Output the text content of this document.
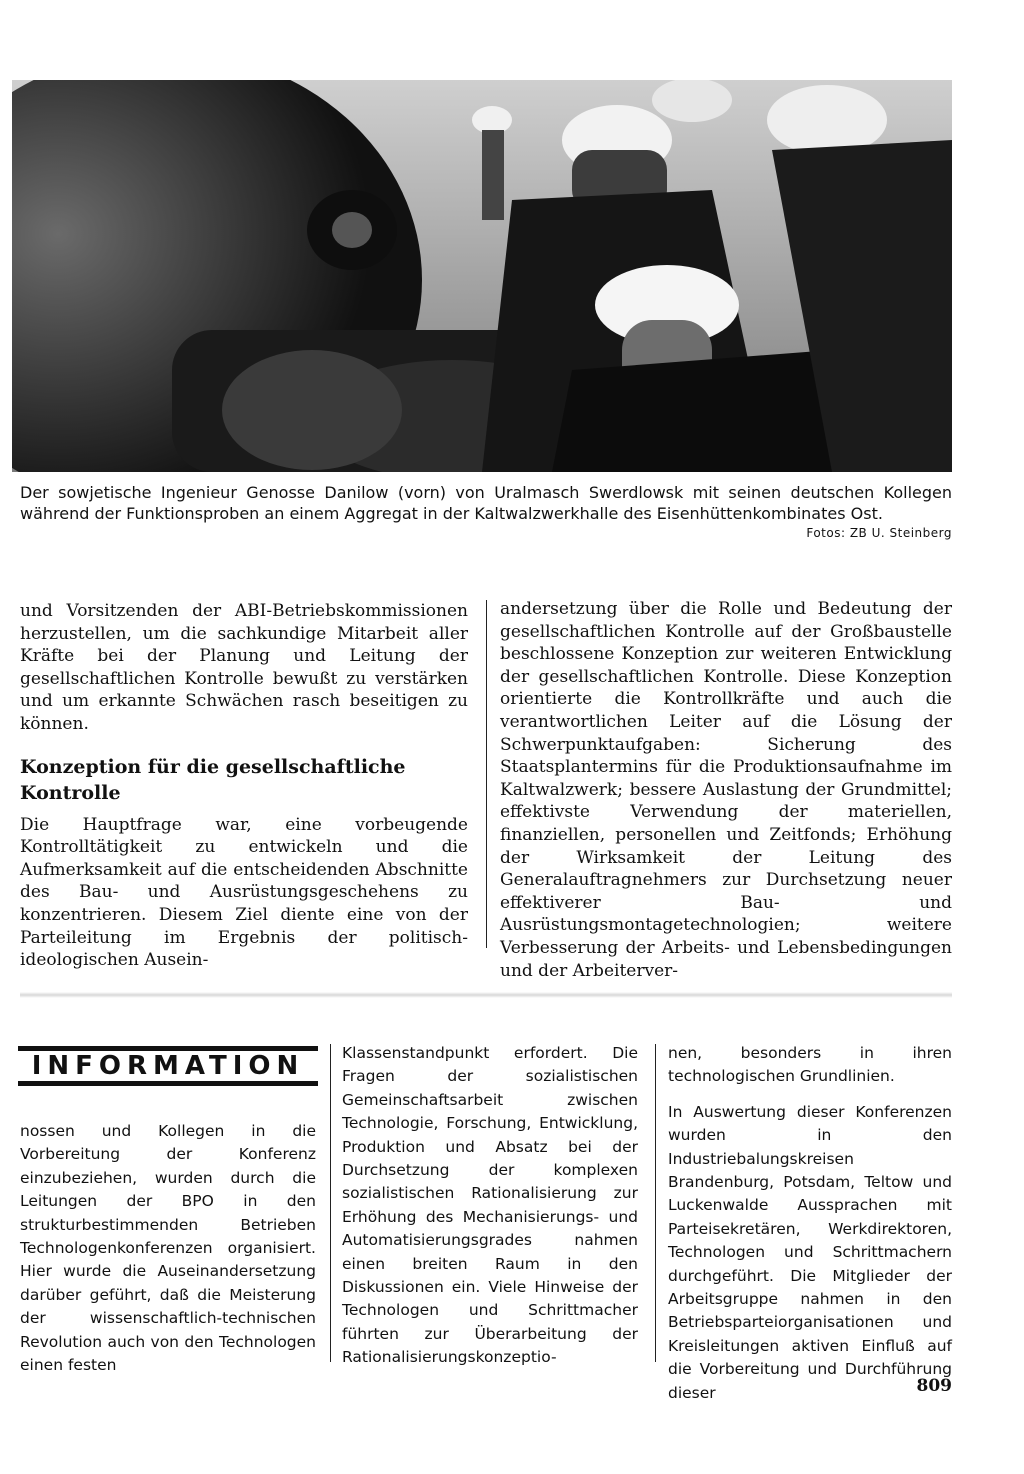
Der sowjetische Ingenieur Genosse Danilow (vorn) von Uralmasch Swerdlowsk mit seinen deutschen Kollegen während der Funktionsproben an einem Aggregat in der Kaltwalzwerkhalle des Eisenhüttenkombinates Ost.
Fotos: ZB U. Steinberg

und Vorsitzenden der ABI-Betriebskommissionen herzustellen, um die sachkundige Mitarbeit aller Kräfte bei der Planung und Leitung der gesellschaftlichen Kontrolle bewußt zu verstärken und um erkannte Schwächen rasch beseitigen zu können.

Konzeption für die gesellschaftliche Kontrolle

Die Hauptfrage war, eine vorbeugende Kontrolltätigkeit zu entwickeln und die Aufmerksamkeit auf die entscheidenden Abschnitte des Bau- und Ausrüstungsgeschehens zu konzentrieren. Diesem Ziel diente eine von der Parteileitung im Ergebnis der politisch-ideologischen Ausein-

andersetzung über die Rolle und Bedeutung der gesellschaftlichen Kontrolle auf der Großbaustelle beschlossene Konzeption zur weiteren Entwicklung der gesellschaftlichen Kontrolle. Diese Konzeption orientierte die Kontrollkräfte und auch die verantwortlichen Leiter auf die Lösung der Schwerpunktaufgaben: Sicherung des Staatsplantermins für die Produktionsaufnahme im Kaltwalzwerk; bessere Auslastung der Grundmittel; effektivste Verwendung der materiellen, finanziellen, personellen und Zeitfonds; Erhöhung der Wirksamkeit der Leitung des Generalauftragnehmers zur Durchsetzung neuer effektiverer Bau- und Ausrüstungsmontagetechnologien; weitere Verbesserung der Arbeits- und Lebensbedingungen und der Arbeiterver-

INFORMATION

nossen und Kollegen in die Vorbereitung der Konferenz einzubeziehen, wurden durch die Leitungen der BPO in den strukturbestimmenden Betrieben Technologenkonferenzen organisiert. Hier wurde die Auseinandersetzung darüber geführt, daß die Meisterung der wissenschaftlich-technischen Revolution auch von den Technologen einen festen

Klassenstandpunkt erfordert. Die Fragen der sozialistischen Gemeinschaftsarbeit zwischen Technologie, Forschung, Entwicklung, Produktion und Absatz bei der Durchsetzung der komplexen sozialistischen Rationalisierung zur Erhöhung des Mechanisierungs- und Automatisierungsgrades nahmen einen breiten Raum in den Diskussionen ein. Viele Hinweise der Technologen und Schrittmacher führten zur Überarbeitung der Rationalisierungskonzeptio-

nen, besonders in ihren technologischen Grundlinien.

In Auswertung dieser Konferenzen wurden in den Industriebalungskreisen Brandenburg, Potsdam, Teltow und Luckenwalde Aussprachen mit Parteisekretären, Werkdirektoren, Technologen und Schrittmachern durchgeführt. Die Mitglieder der Arbeitsgruppe nahmen in den Betriebsparteiorganisationen und Kreisleitungen aktiven Einfluß auf die Vorbereitung und Durchführung dieser	809
